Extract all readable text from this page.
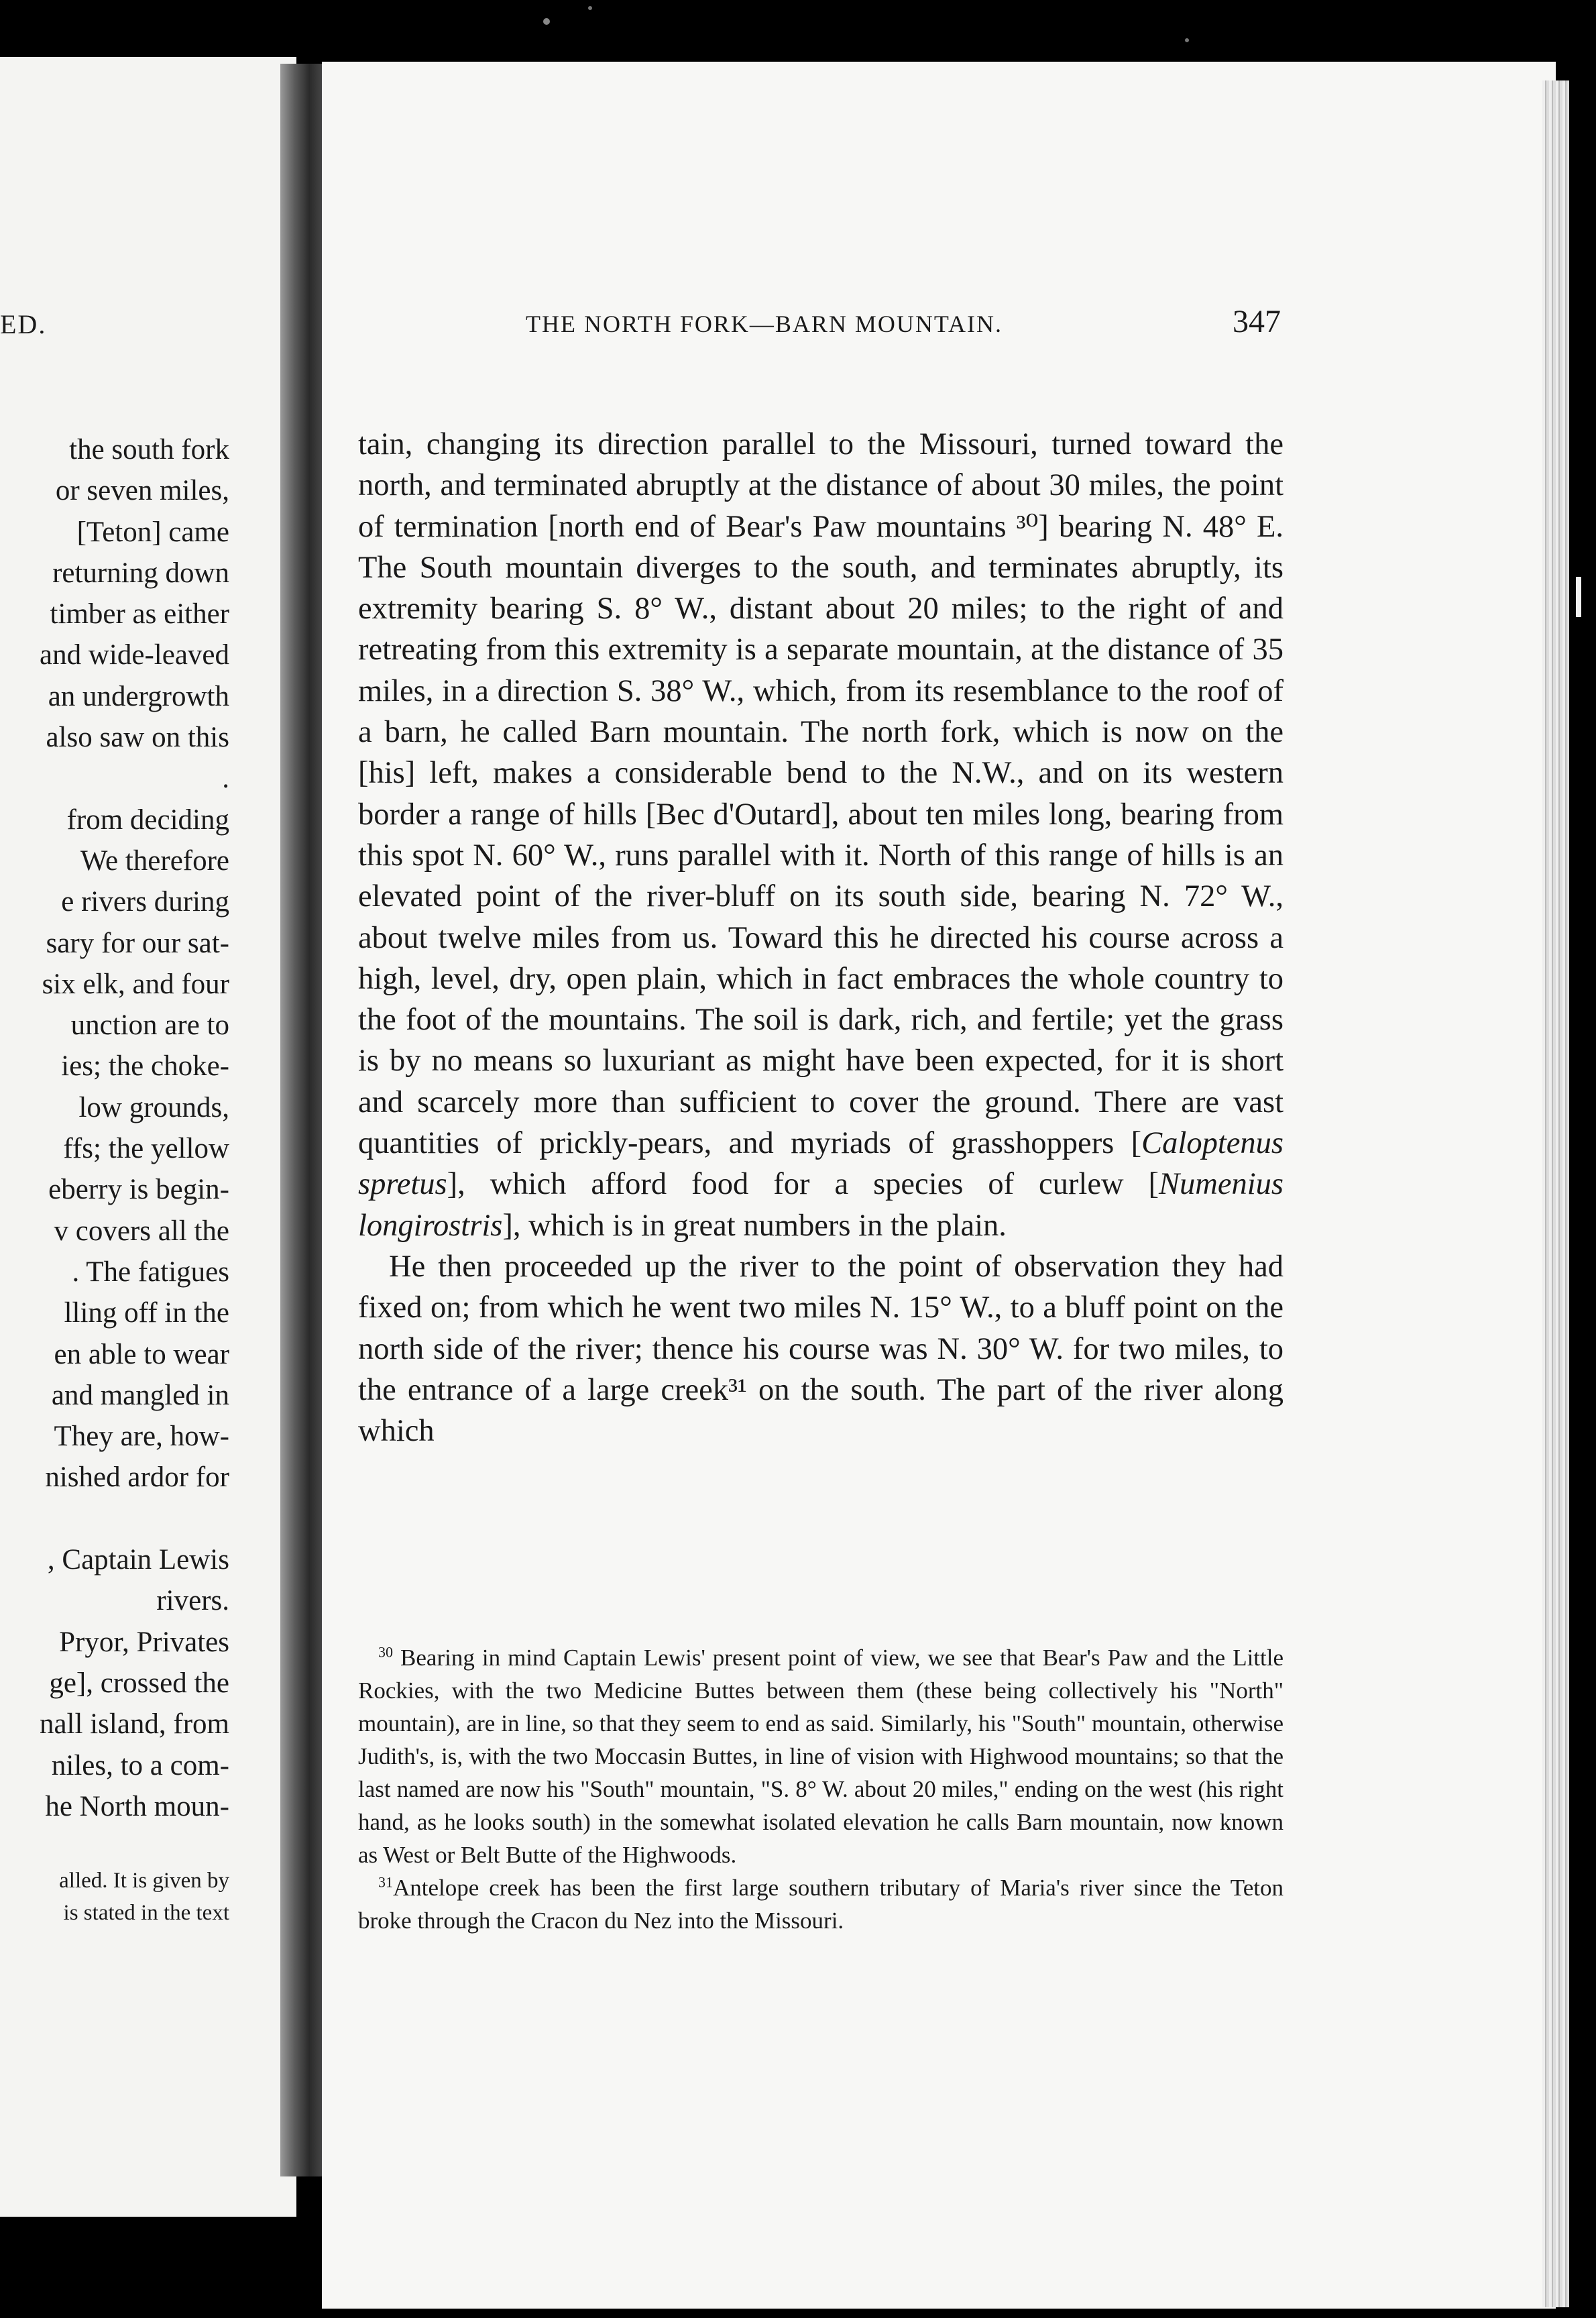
ED.
the south fork
or seven miles,
[Teton] came
returning down
timber as either
and wide-leaved
an undergrowth
also saw on this
.
from deciding
We therefore
e rivers during
sary for our sat-
six elk, and four
unction are to
ies; the choke-
low grounds,
ffs; the yellow
eberry is begin-
v covers all the
. The fatigues
lling off in the
en able to wear
and mangled in
They are, how-
nished ardor for

, Captain Lewis
rivers.
Pryor, Privates
ge], crossed the
nall island, from
niles, to a com-
he North moun-
alled. It is given by
is stated in the text
THE NORTH FORK—BARN MOUNTAIN.	347

tain, changing its direction parallel to the Missouri, turned toward the north, and terminated abruptly at the distance of about 30 miles, the point of termination [north end of Bear's Paw mountains ³⁰] bearing N. 48° E. The South mountain diverges to the south, and terminates abruptly, its extremity bearing S. 8° W., distant about 20 miles; to the right of and retreating from this extremity is a separate mountain, at the distance of 35 miles, in a direction S. 38° W., which, from its resemblance to the roof of a barn, he called Barn mountain. The north fork, which is now on the [his] left, makes a considerable bend to the N.W., and on its western border a range of hills [Bec d'Outard], about ten miles long, bearing from this spot N. 60° W., runs parallel with it. North of this range of hills is an elevated point of the river-bluff on its south side, bearing N. 72° W., about twelve miles from us. Toward this he directed his course across a high, level, dry, open plain, which in fact embraces the whole country to the foot of the mountains. The soil is dark, rich, and fertile; yet the grass is by no means so luxuriant as might have been expected, for it is short and scarcely more than sufficient to cover the ground. There are vast quantities of prickly-pears, and myriads of grasshoppers [Caloptenus spretus], which afford food for a species of curlew [Numenius longirostris], which is in great numbers in the plain.

He then proceeded up the river to the point of observation they had fixed on; from which he went two miles N. 15° W., to a bluff point on the north side of the river; thence his course was N. 30° W. for two miles, to the entrance of a large creek³¹ on the south. The part of the river along which

$^{30}$ Bearing in mind Captain Lewis' present point of view, we see that Bear's Paw and the Little Rockies, with the two Medicine Buttes between them (these being collectively his "North" mountain), are in line, so that they seem to end as said. Similarly, his "South" mountain, otherwise Judith's, is, with the two Moccasin Buttes, in line of vision with Highwood mountains; so that the last named are now his "South" mountain, "S. 8° W. about 20 miles," ending on the west (his right hand, as he looks south) in the somewhat isolated elevation he calls Barn mountain, now known as West or Belt Butte of the Highwoods.

$^{31}$Antelope creek has been the first large southern tributary of Maria's river since the Teton broke through the Cracon du Nez into the Missouri.
